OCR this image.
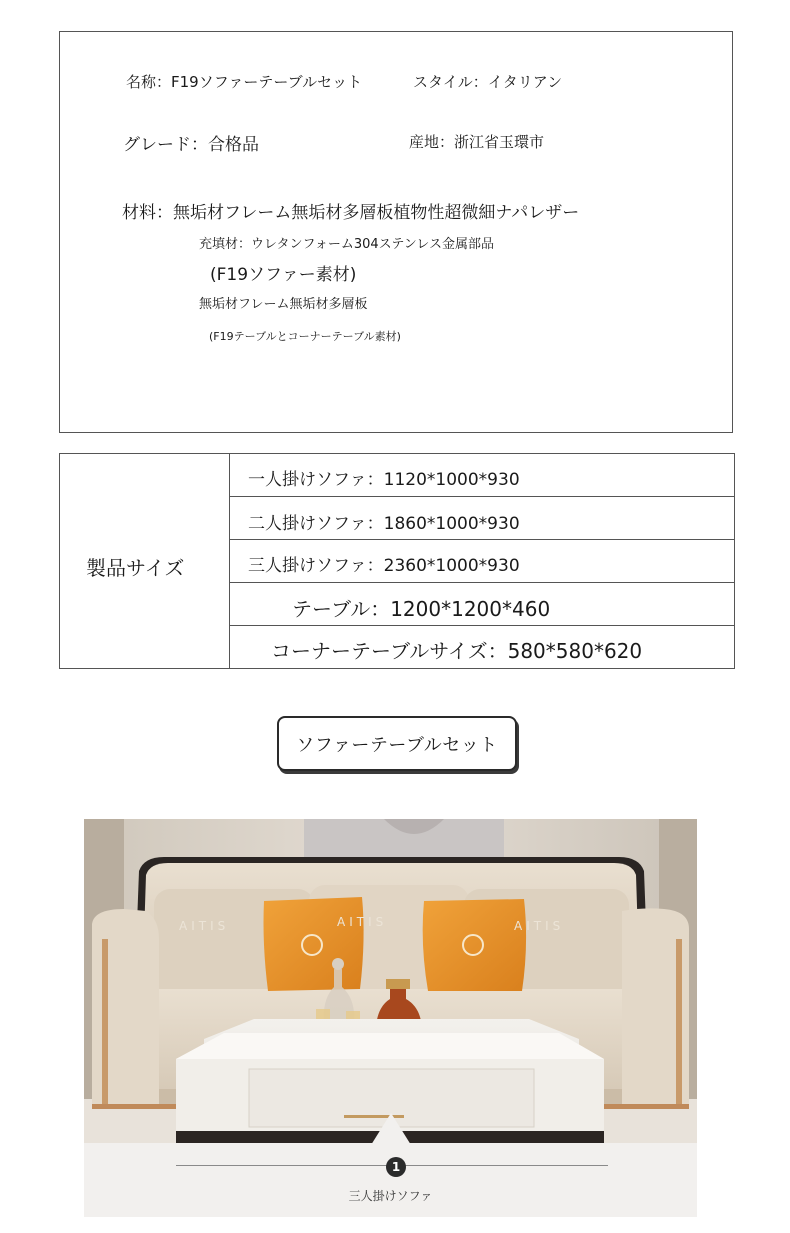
名称：F19ソファーテーブルセット	スタイル：イタリアン
グレード：合格品	産地：浙江省玉環市
材料：無垢材フレーム無垢材多層板植物性超微細ナパレザー
充填材：ウレタンフォーム304ステンレス金属部品
(F19ソファー素材)
無垢材フレーム無垢材多層板
(F19テーブルとコーナーテーブル素材)
製品サイズ
一人掛けソファ：1120*1000*930
二人掛けソファ：1860*1000*930
三人掛けソファ：2360*1000*930
テーブル：1200*1200*460
コーナーテーブルサイズ：580*580*620
ソファーテーブルセット
AITIS	AITIS	AITIS
1
三人掛けソファ
